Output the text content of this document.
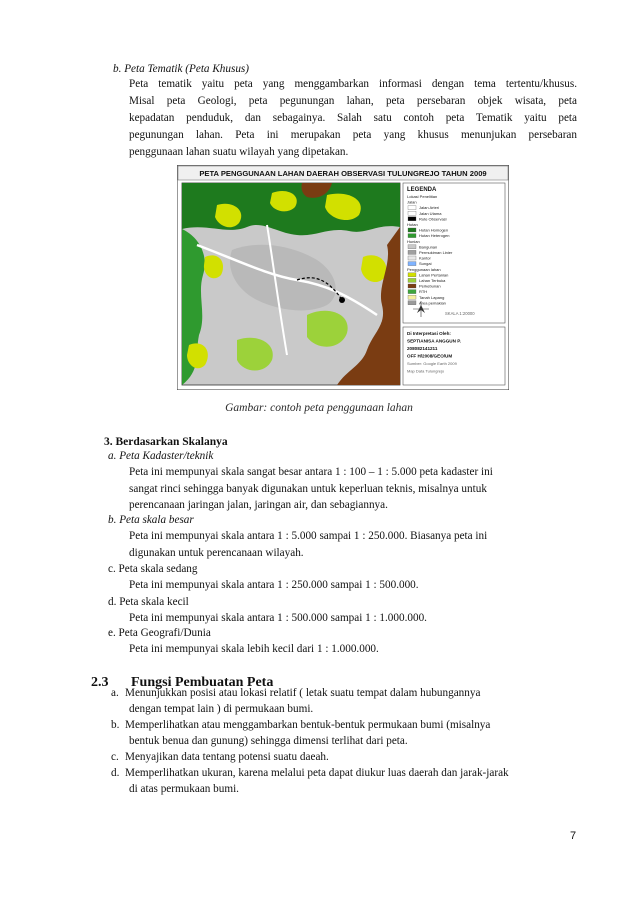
b. Peta Tematik (Peta Khusus)
Peta tematik yaitu peta yang menggambarkan informasi dengan tema tertentu/khusus.
Misal peta Geologi, peta pegunungan lahan, peta persebaran objek wisata, peta
kepadatan penduduk, dan sebagainya. Salah satu contoh peta Tematik yaitu peta
pegunungan lahan. Peta ini merupakan peta yang khusus menunjukan persebaran
penggunaan lahan suatu wilayah yang dipetakan.
PETA PENGGUNAAN LAHAN DAERAH OBSERVASI TULUNGREJO TAHUN 2009
LEGENDA
Lokasi Penelitian
Jalan
Jalan Arteri
Jalan Utama
Rute Observasi
Hutan
Hutan Homogen
Hutan Heterogen
Hunian
Bangunan
Permukiman Linier
Kantor
Sungai
Penggunaan lahan
Lahan Pertanian
Lahan Terbuka
Perkebunan
RTH
Tanah Lapang
Area pemakian
SKALA 1:20000
Di Interpretasi Oleh:
SEPTIANISA ANGGUN P.
208082141211
OFF H/2008/GEO/UM
Sumber: Google Earth 2009
Map Data Tulungrejo
Gambar: contoh peta penggunaan lahan
3. Berdasarkan Skalanya
a. Peta Kadaster/teknik
Peta ini mempunyai skala sangat besar antara 1 : 100 – 1 : 5.000 peta kadaster ini
sangat rinci sehingga banyak digunakan untuk keperluan teknis, misalnya untuk
perencanaan jaringan jalan, jaringan air, dan sebagiannya.
b. Peta skala besar
Peta ini mempunyai skala antara 1 : 5.000 sampai 1 : 250.000. Biasanya peta ini
digunakan untuk perencanaan wilayah.
c. Peta skala sedang
Peta ini mempunyai skala antara 1 : 250.000 sampai 1 : 500.000.
d. Peta skala kecil
Peta ini mempunyai skala antara 1 : 500.000 sampai 1 : 1.000.000.
e. Peta Geografi/Dunia
Peta ini mempunyai skala lebih kecil dari 1 : 1.000.000.
2.3 Fungsi Pembuatan Peta
a. Menunjukkan posisi atau lokasi relatif ( letak suatu tempat dalam hubungannya
dengan tempat lain ) di permukaan bumi.
b. Memperlihatkan atau menggambarkan bentuk-bentuk permukaan bumi (misalnya
bentuk benua dan gunung) sehingga dimensi terlihat dari peta.
c. Menyajikan data tentang potensi suatu daeah.
d. Memperlihatkan ukuran, karena melalui peta dapat diukur luas daerah dan jarak-jarak
di atas permukaan bumi.
7
